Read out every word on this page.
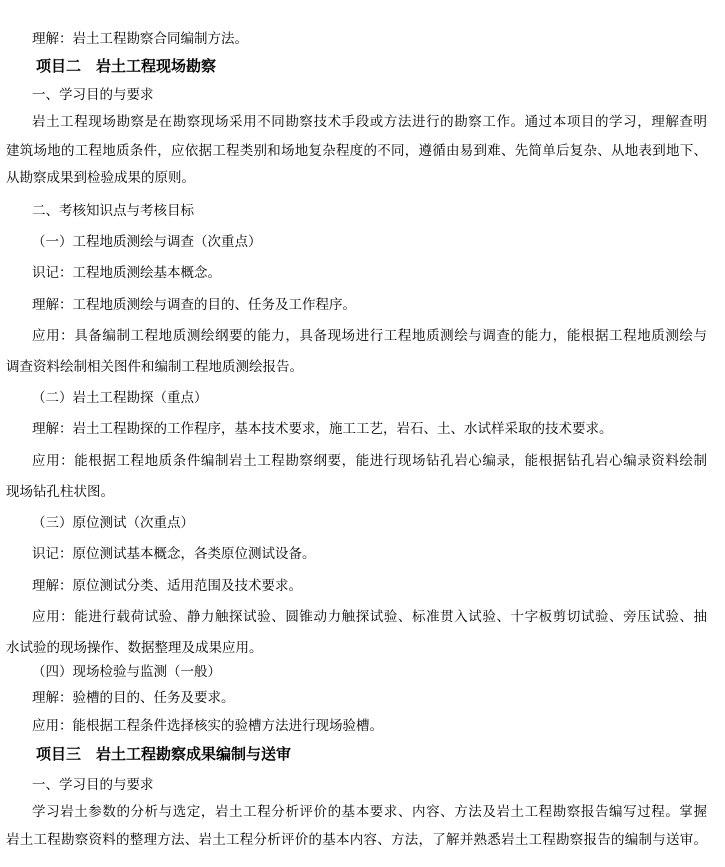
理解：岩土工程勘察合同编制方法。
项目二　岩土工程现场勘察
一、学习目的与要求
岩土工程现场勘察是在勘察现场采用不同勘察技术手段或方法进行的勘察工作。通过本项目的学习，理解查明
建筑场地的工程地质条件，应依据工程类别和场地复杂程度的不同，遵循由易到难、先简单后复杂、从地表到地下、
从勘察成果到检验成果的原则。
二、考核知识点与考核目标
（一）工程地质测绘与调查（次重点）
识记：工程地质测绘基本概念。
理解：工程地质测绘与调查的目的、任务及工作程序。
应用：具备编制工程地质测绘纲要的能力，具备现场进行工程地质测绘与调查的能力，能根据工程地质测绘与
调查资料绘制相关图件和编制工程地质测绘报告。
（二）岩土工程勘探（重点）
理解：岩土工程勘探的工作程序，基本技术要求，施工工艺，岩石、土、水试样采取的技术要求。
应用：能根据工程地质条件编制岩土工程勘察纲要，能进行现场钻孔岩心编录，能根据钻孔岩心编录资料绘制
现场钻孔柱状图。
（三）原位测试（次重点）
识记：原位测试基本概念，各类原位测试设备。
理解：原位测试分类、适用范围及技术要求。
应用：能进行载荷试验、静力触探试验、圆锥动力触探试验、标准贯入试验、十字板剪切试验、旁压试验、抽
水试验的现场操作、数据整理及成果应用。
（四）现场检验与监测（一般）
理解：验槽的目的、任务及要求。
应用：能根据工程条件选择核实的验槽方法进行现场验槽。
项目三　岩土工程勘察成果编制与送审
一、学习目的与要求
学习岩土参数的分析与选定，岩土工程分析评价的基本要求、内容、方法及岩土工程勘察报告编写过程。掌握
岩土工程勘察资料的整理方法、岩土工程分析评价的基本内容、方法，了解并熟悉岩土工程勘察报告的编制与送审。
